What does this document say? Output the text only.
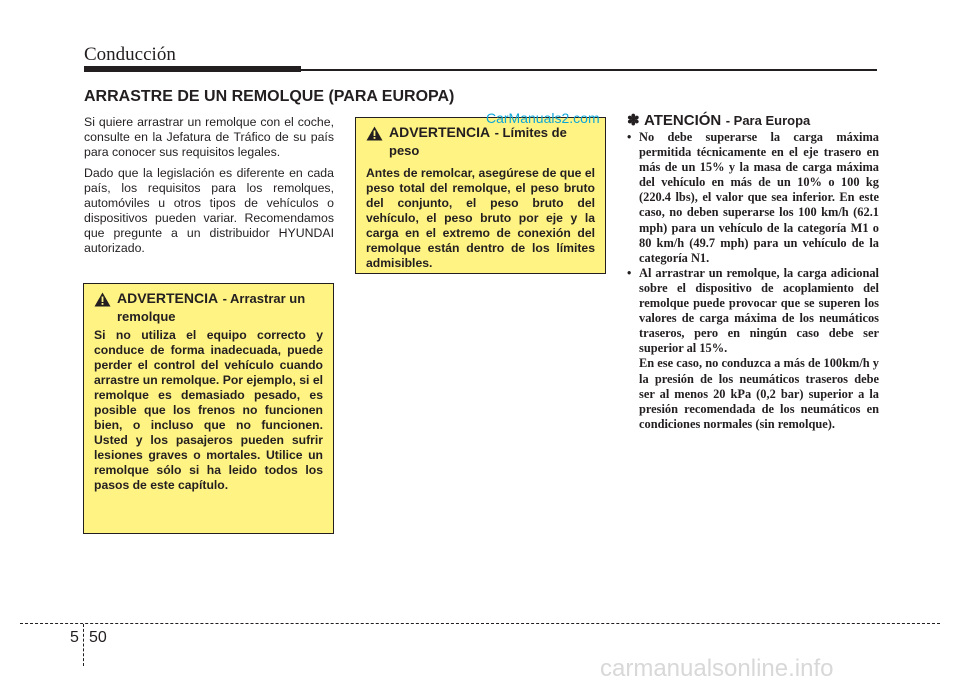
Conducción
ARRASTRE DE UN REMOLQUE (PARA EUROPA)

Si quiere arrastrar un remolque con el coche, consulte en la Jefatura de Tráfico de su país para conocer sus requisitos legales.

Dado que la legislación es diferente en cada país, los requisitos para los remolques, automóviles u otros tipos de vehículos o dispositivos pueden variar. Recomendamos que pregunte a un distribuidor HYUNDAI autorizado.

ADVERTENCIA - Arrastrar un remolque
Si no utiliza el equipo correcto y conduce de forma inadecuada, puede perder el control del vehículo cuando arrastre un remolque. Por ejemplo, si el remolque es demasiado pesado, es posible que los frenos no funcionen bien, o incluso que no funcionen. Usted y los pasajeros pueden sufrir lesiones graves o mortales. Utilice un remolque sólo si ha leido todos los pasos de este capítulo.
ADVERTENCIA - Límites de peso
Antes de remolcar, asegúrese de que el peso total del remolque, el peso bruto del conjunto, el peso bruto del vehículo, el peso bruto por eje y la carga en el extremo de conexión del remolque están dentro de los límites admisibles.
CarManuals2.com ✽ ATENCIÓN - Para Europa
• No debe superarse la carga máxima permitida técnicamente en el eje trasero en más de un 15% y la masa de carga máxima del vehículo en más de un 10% o 100 kg (220.4 lbs), el valor que sea inferior. En este caso, no deben superarse los 100 km/h (62.1 mph) para un vehículo de la categoría M1 o 80 km/h (49.7 mph) para un vehículo de la categoría N1.
• Al arrastrar un remolque, la carga adicional sobre el dispositivo de acoplamiento del remolque puede provocar que se superen los valores de carga máxima de los neumáticos traseros, pero en ningún caso debe ser superior al 15%.
En ese caso, no conduzca a más de 100km/h y la presión de los neumáticos traseros debe ser al menos 20 kPa (0,2 bar) superior a la presión recomendada de los neumáticos en condiciones normales (sin remolque).
5 50
carmanualsonline.info
